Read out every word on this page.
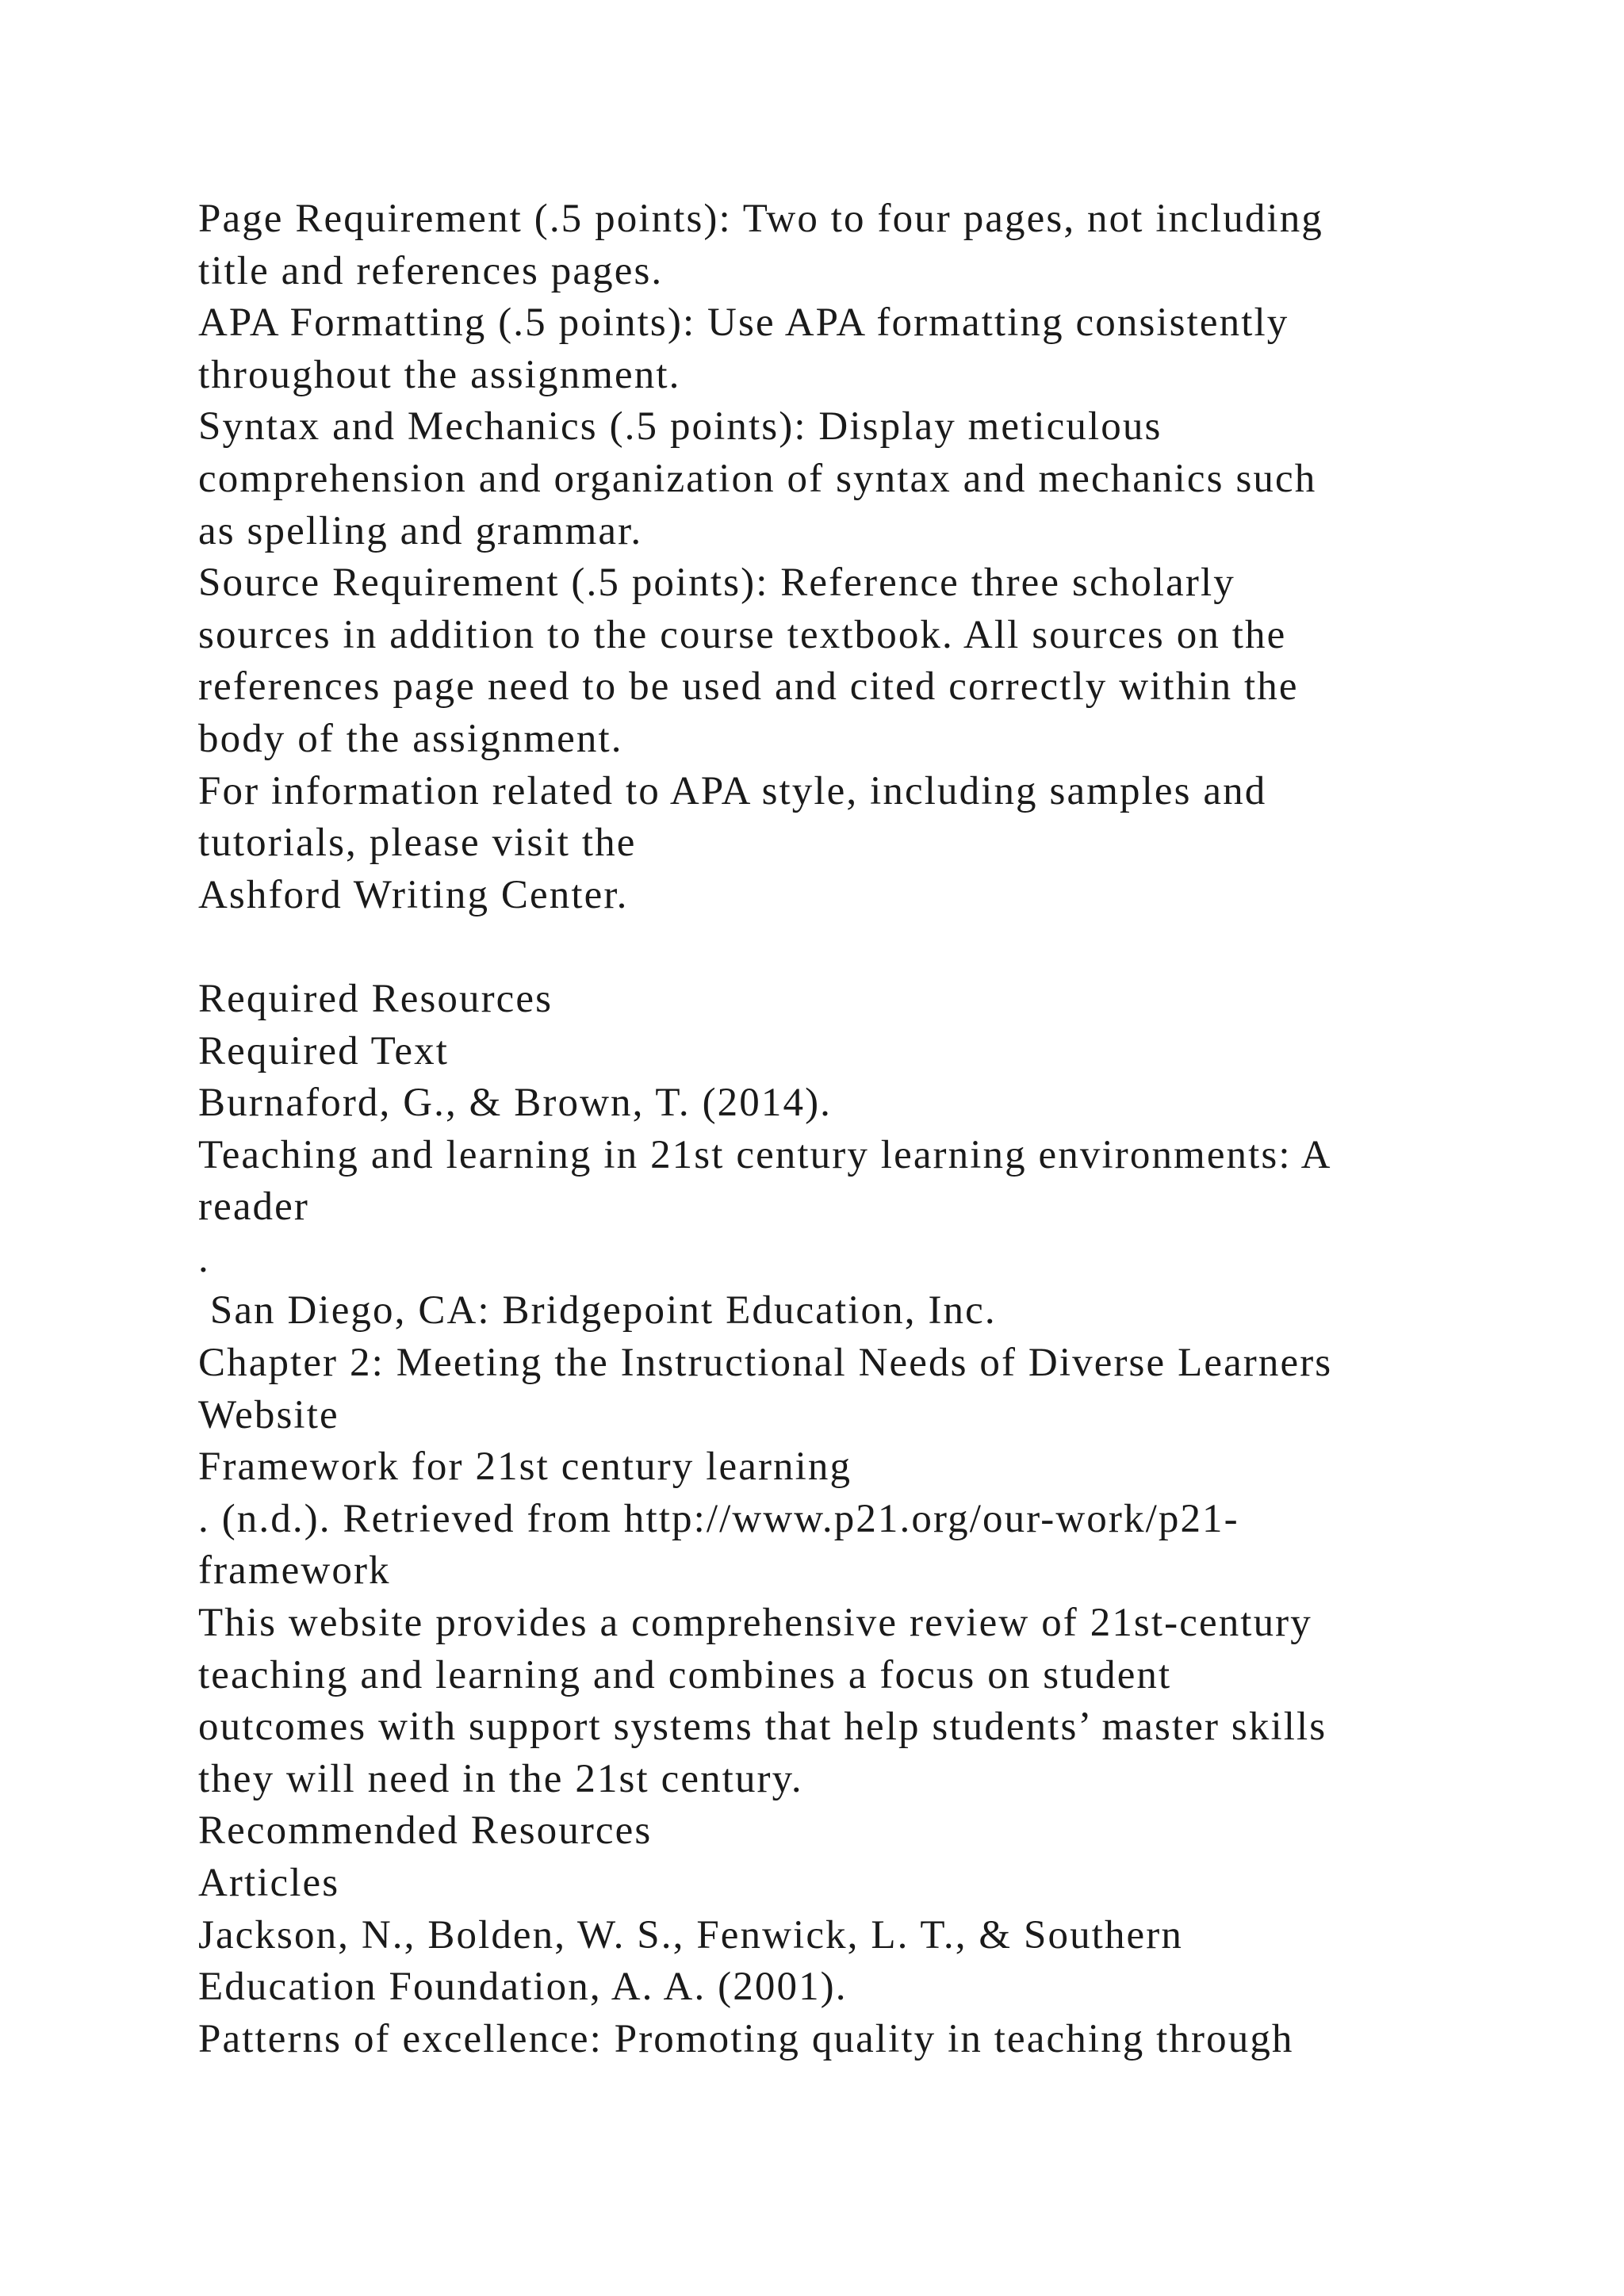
Page Requirement (.5 points): Two to four pages, not including
title and references pages.
APA Formatting (.5 points): Use APA formatting consistently
throughout the assignment.
Syntax and Mechanics (.5 points): Display meticulous
comprehension and organization of syntax and mechanics such
as spelling and grammar.
Source Requirement (.5 points): Reference three scholarly
sources in addition to the course textbook. All sources on the
references page need to be used and cited correctly within the
body of the assignment.
For information related to APA style, including samples and
tutorials, please visit the
Ashford Writing Center.
Required Resources
Required Text
Burnaford, G., & Brown, T. (2014).
Teaching and learning in 21st century learning environments: A
reader
.
San Diego, CA: Bridgepoint Education, Inc.
Chapter 2: Meeting the Instructional Needs of Diverse Learners
Website
Framework for 21st century learning
. (n.d.). Retrieved from http://www.p21.org/our-work/p21-
framework
This website provides a comprehensive review of 21st-century
teaching and learning and combines a focus on student
outcomes with support systems that help students’ master skills
they will need in the 21st century.
Recommended Resources
Articles
Jackson, N., Bolden, W. S., Fenwick, L. T., & Southern
Education Foundation, A. A. (2001).
Patterns of excellence: Promoting quality in teaching through
